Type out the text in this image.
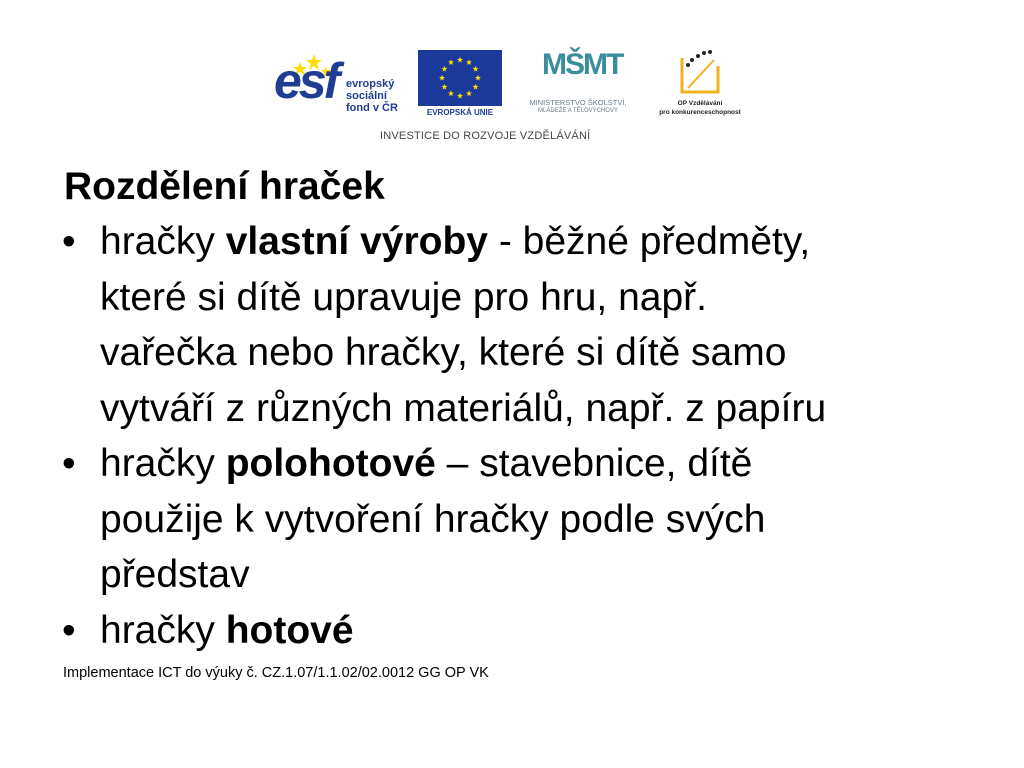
esf evropský
sociální
fond v ČR	EVROPSKÁ UNIE
MŠMT
MINISTERSTVO ŠKOLSTVÍ,
MLÁDEŽE A TĚLOVÝCHOVY
OP Vzdělávání
pro konkurenceschopnost
INVESTICE DO ROZVOJE VZDĚLÁVÁNÍ
Rozdělení hraček
• hračky vlastní výroby - běžné předměty,
které si dítě upravuje pro hru, např.
vařečka nebo hračky, které si dítě samo
vytváří z různých materiálů, např. z papíru
• hračky polohotové – stavebnice, dítě
použije k vytvoření hračky podle svých
představ
• hračky hotové
Implementace ICT do výuky č. CZ.1.07/1.1.02/02.0012 GG OP VK
